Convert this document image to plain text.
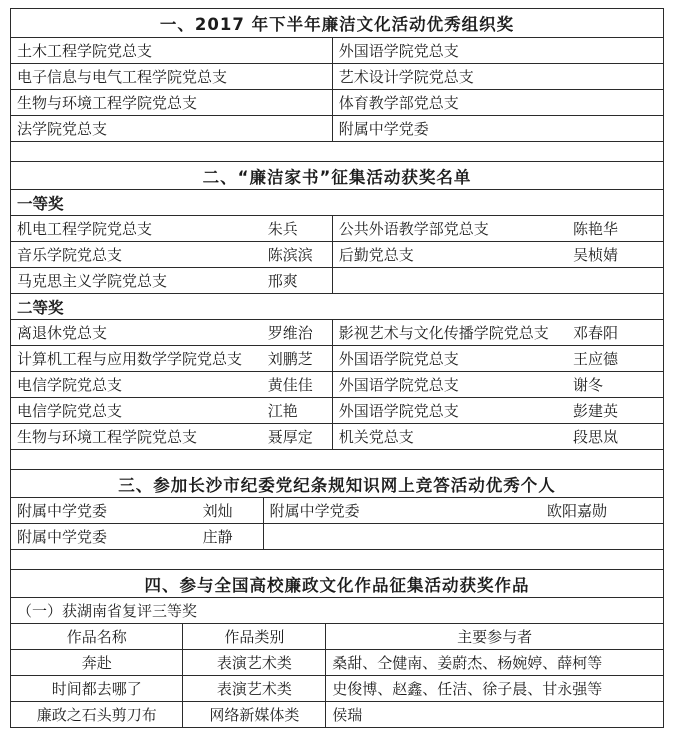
一、2017 年下半年廉洁文化活动优秀组织奖
土木工程学院党总支	外国语学院党总支
电子信息与电气工程学院党总支	艺术设计学院党总支
生物与环境工程学院党总支	体育教学部党总支
法学院党总支	附属中学党委
二、“廉洁家书”征集活动获奖名单
一等奖
机电工程学院党总支	朱兵	公共外语教学部党总支	陈艳华
音乐学院党总支	陈滨滨	后勤党总支	吴桢婧
马克思主义学院党总支	邢爽
二等奖
离退休党总支	罗维治	影视艺术与文化传播学院党总支	邓春阳
计算机工程与应用数学学院党总支	刘鹏芝	外国语学院党总支	王应德
电信学院党总支	黄佳佳	外国语学院党总支	谢冬
电信学院党总支	江艳	外国语学院党总支	彭建英
生物与环境工程学院党总支	聂厚定	机关党总支	段思岚
三、参加长沙市纪委党纪条规知识网上竞答活动优秀个人
附属中学党委	刘灿	附属中学党委	欧阳嘉勋
附属中学党委	庄静
四、参与全国高校廉政文化作品征集活动获奖作品
（一）获湖南省复评三等奖
作品名称	作品类别	主要参与者
奔赴	表演艺术类	桑甜、仝健南、姜蔚杰、杨婉婷、薛柯等
时间都去哪了	表演艺术类	史俊博、赵鑫、任洁、徐子晨、甘永强等
廉政之石头剪刀布	网络新媒体类	侯瑞
